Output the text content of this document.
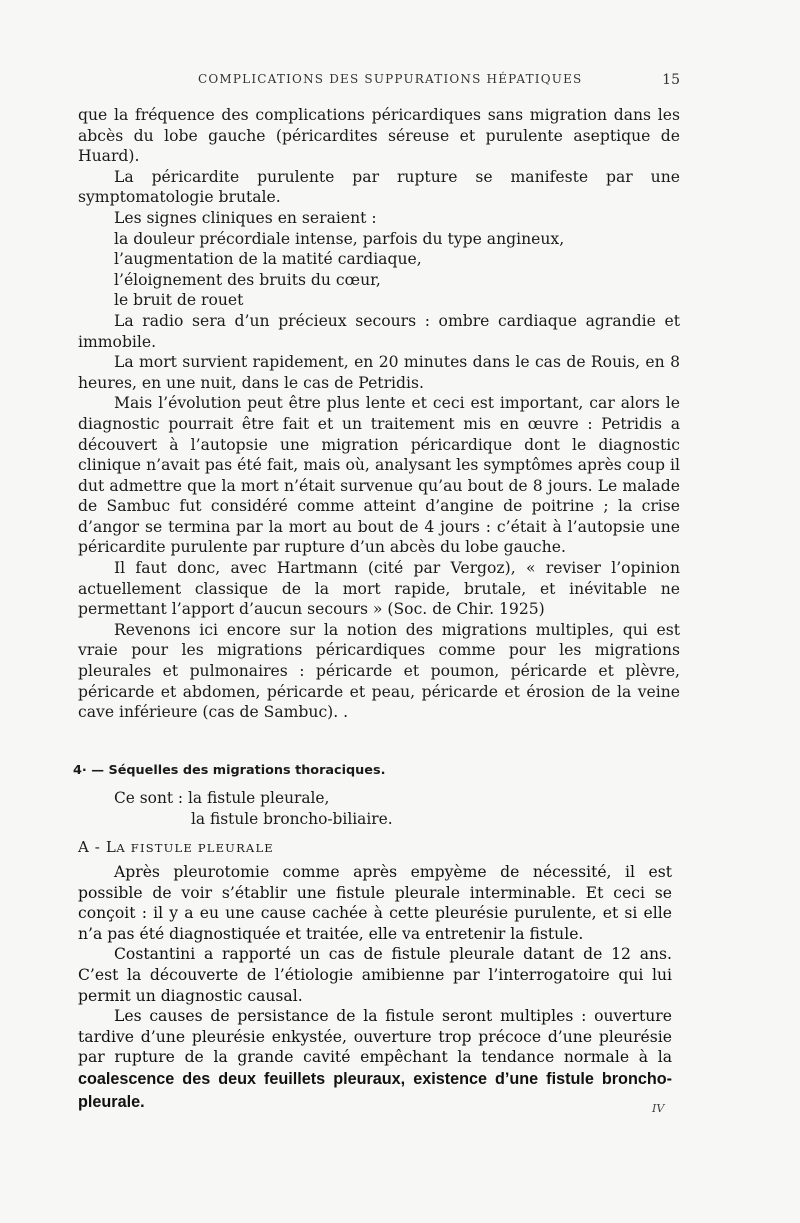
COMPLICATIONS DES SUPPURATIONS HÉPATIQUES	15

que la fréquence des complications péricardiques sans migration dans les abcès du lobe gauche (péricardites séreuse et purulente aseptique de Huard).

La péricardite purulente par rupture se manifeste par une symptomatologie brutale.

Les signes cliniques en seraient :

la douleur précordiale intense, parfois du type angineux,

l’augmentation de la matité cardiaque,

l’éloignement des bruits du cœur,

le bruit de rouet

La radio sera d’un précieux secours : ombre cardiaque agrandie et immobile.

La mort survient rapidement, en 20 minutes dans le cas de Rouis, en 8 heures, en une nuit, dans le cas de Petridis.

Mais l’évolution peut être plus lente et ceci est important, car alors le diagnostic pourrait être fait et un traitement mis en œuvre : Petridis a découvert à l’autopsie une migration péricardique dont le diagnostic clinique n’avait pas été fait, mais où, analysant les symptômes après coup il dut admettre que la mort n’était survenue qu’au bout de 8 jours. Le malade de Sambuc fut considéré comme atteint d’angine de poitrine ; la crise d’angor se termina par la mort au bout de 4 jours : c’était à l’autopsie une péricardite purulente par rupture d’un abcès du lobe gauche.

Il faut donc, avec Hartmann (cité par Vergoz), « reviser l’opinion actuellement classique de la mort rapide, brutale, et inévitable ne permettant l’apport d’aucun secours » (Soc. de Chir. 1925)

Revenons ici encore sur la notion des migrations multiples, qui est vraie pour les migrations péricardiques comme pour les migrations pleurales et pulmonaires : péricarde et poumon, péricarde et plèvre, péricarde et abdomen, péricarde et peau, péricarde et érosion de la veine cave inférieure (cas de Sambuc). .

4· — Séquelles des migrations thoraciques.
Ce sont : la fistule pleurale,
la fistule broncho-biliaire.
A - LA FISTULE PLEURALE

Après pleurotomie comme après empyème de nécessité, il est possible de voir s’établir une fistule pleurale interminable. Et ceci se conçoit : il y a eu une cause cachée à cette pleurésie purulente, et si elle n’a pas été diagnostiquée et traitée, elle va entretenir la fistule.

Costantini a rapporté un cas de fistule pleurale datant de 12 ans. C’est la découverte de l’étiologie amibienne par l’interrogatoire qui lui permit un diagnostic causal.

Les causes de persistance de la fistule seront multiples : ouverture tardive d’une pleurésie enkystée, ouverture trop précoce d’une pleurésie par rupture de la grande cavité empêchant la tendance normale à la coalescence des deux feuillets pleuraux, existence d’une fistule broncho-pleurale.	IV
